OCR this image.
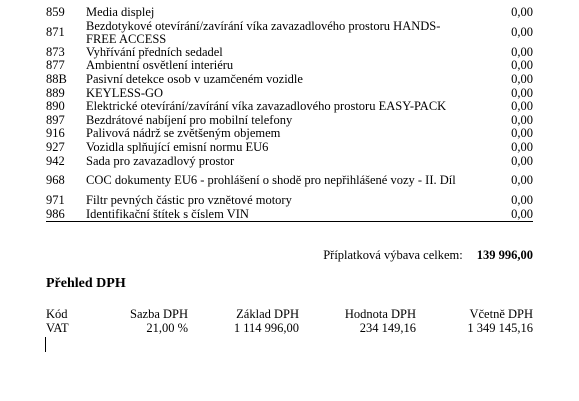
859	Media displej	0,00
871	Bezdotykové otevírání/zavírání víka zavazadlového prostoru HANDS-FREE ACCESS	0,00
873	Vyhřívání předních sedadel	0,00
877	Ambientní osvětlení interiéru	0,00
88B	Pasivní detekce osob v uzamčeném vozidle	0,00
889	KEYLESS-GO	0,00
890	Elektrické otevírání/zavírání víka zavazadlového prostoru EASY-PACK	0,00
897	Bezdrátové nabíjení pro mobilní telefony	0,00
916	Palivová nádrž se zvětšeným objemem	0,00
927	Vozidla splňující emisní normu EU6	0,00
942	Sada pro zavazadlový prostor	0,00
968	COC dokumenty EU6 - prohlášení o shodě pro nepřihlášené vozy - II. Díl	0,00
971	Filtr pevných částic pro vznětové motory	0,00
986	Identifikační štítek s číslem VIN	0,00
Příplatková výbava celkem: 139 996,00
Přehled DPH
Kód	Sazba DPH	Základ DPH	Hodnota DPH	Včetně DPH
VAT	21,00 %	1 114 996,00	234 149,16	1 349 145,16
